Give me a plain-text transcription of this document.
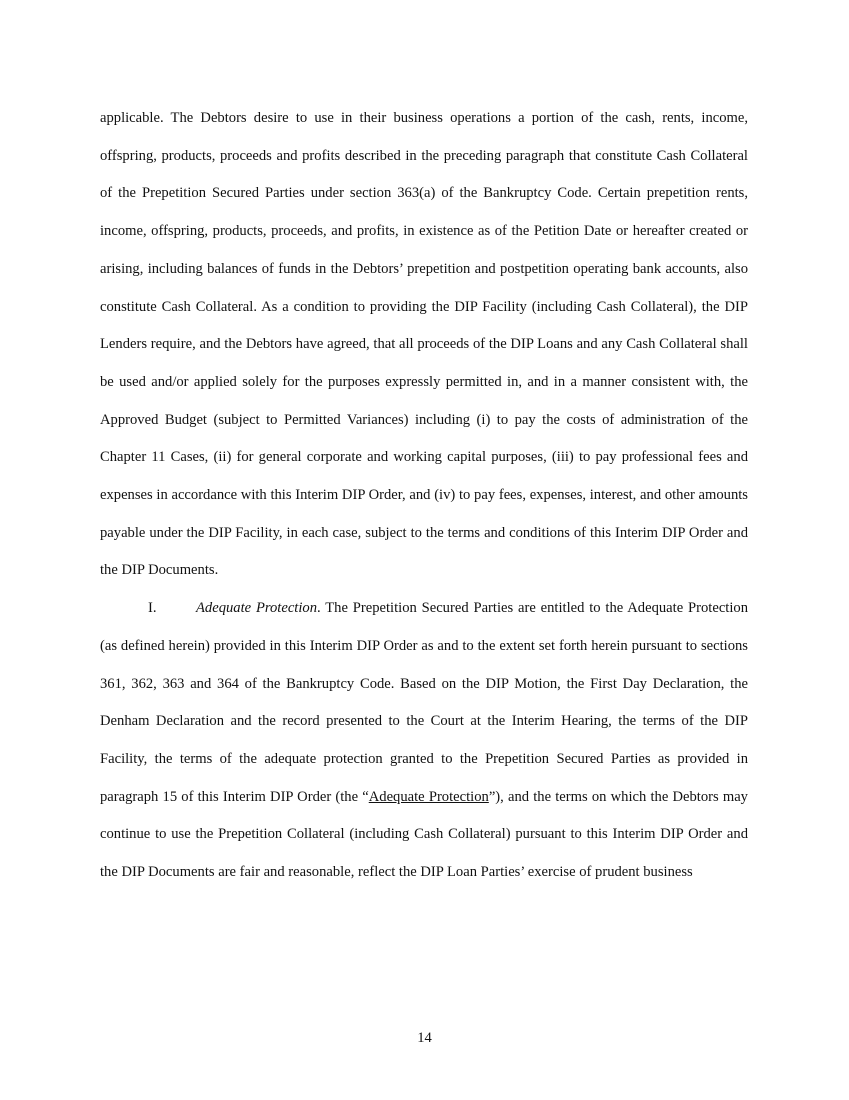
applicable. The Debtors desire to use in their business operations a portion of the cash, rents, income, offspring, products, proceeds and profits described in the preceding paragraph that constitute Cash Collateral of the Prepetition Secured Parties under section 363(a) of the Bankruptcy Code. Certain prepetition rents, income, offspring, products, proceeds, and profits, in existence as of the Petition Date or hereafter created or arising, including balances of funds in the Debtors’ prepetition and postpetition operating bank accounts, also constitute Cash Collateral. As a condition to providing the DIP Facility (including Cash Collateral), the DIP Lenders require, and the Debtors have agreed, that all proceeds of the DIP Loans and any Cash Collateral shall be used and/or applied solely for the purposes expressly permitted in, and in a manner consistent with, the Approved Budget (subject to Permitted Variances) including (i) to pay the costs of administration of the Chapter 11 Cases, (ii) for general corporate and working capital purposes, (iii) to pay professional fees and expenses in accordance with this Interim DIP Order, and (iv) to pay fees, expenses, interest, and other amounts payable under the DIP Facility, in each case, subject to the terms and conditions of this Interim DIP Order and the DIP Documents.

I.	Adequate Protection. The Prepetition Secured Parties are entitled to the Adequate Protection (as defined herein) provided in this Interim DIP Order as and to the extent set forth herein pursuant to sections 361, 362, 363 and 364 of the Bankruptcy Code. Based on the DIP Motion, the First Day Declaration, the Denham Declaration and the record presented to the Court at the Interim Hearing, the terms of the DIP Facility, the terms of the adequate protection granted to the Prepetition Secured Parties as provided in paragraph 15 of this Interim DIP Order (the “Adequate Protection”), and the terms on which the Debtors may continue to use the Prepetition Collateral (including Cash Collateral) pursuant to this Interim DIP Order and the DIP Documents are fair and reasonable, reflect the DIP Loan Parties’ exercise of prudent business

14
